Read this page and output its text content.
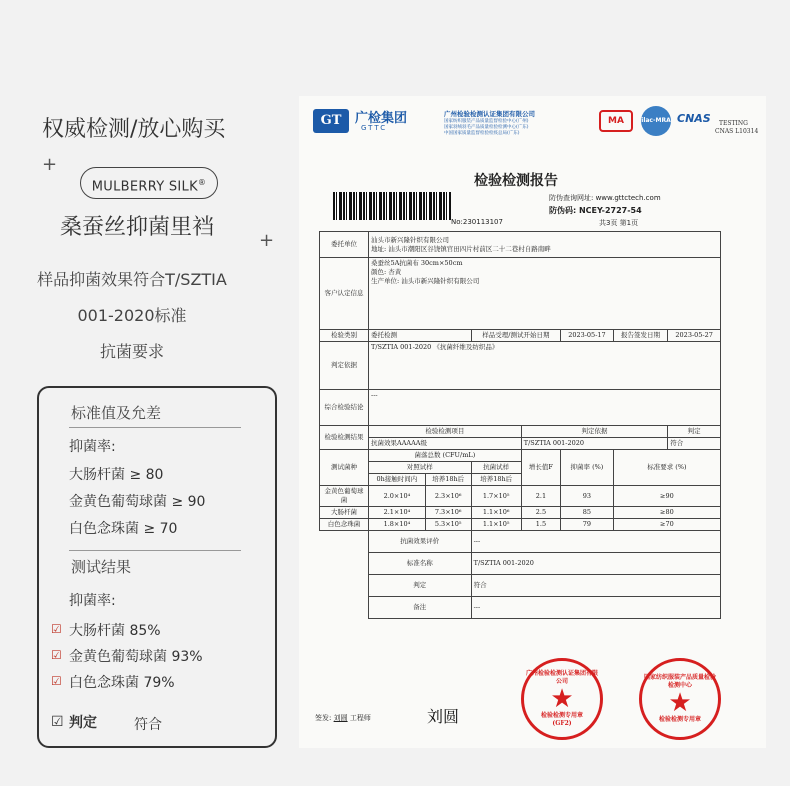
权威检测/放心购买
+
MULBERRY SILK®
桑蚕丝抑菌里裆
+
样品抑菌效果符合T/SZTIA
001-2020标准
抗菌要求
标准值及允差
抑菌率:
大肠杆菌 ≥ 80
金黄色葡萄球菌 ≥ 90
白色念珠菌 ≥ 70
测试结果
抑菌率:
☑ 大肠杆菌 85%
☑ 金黄色葡萄球菌 93%
☑ 白色念珠菌 79%
☑ 判定	符合
GT	广检集团
GTTC
广州检验检测认证集团有限公司
国家纺织服装产品质量监督检验中心(广州)
国家羽绒羽毛产品质量检验检测中心(广东)
中国国家质量监督检验检疫总局(广东)
MA	ilac-MRA CNAS TESTING
CNAS L10314
检验检测报告
防伪查询网址: www.gttctech.com
防伪码: NCEY-2727-54
No:230113107	共3页 第1页
委托单位	汕头市新兴隆针织有限公司
地址: 汕头市潮阳区谷饶镇官田四片村前区二十二巷村自路南畔						

客户认定信息	桑蚕丝5A抗菌布 30cm×50cm
颜色: 杏黄
生产单位: 汕头市新兴隆针织有限公司						

检验类别	委托检测		样品受理/测试开始日期		2023-05-17	报告签发日期	2023-05-27
判定依据	T/SZTIA 001-2020 《抗菌纤维及纺织品》						
综合检验结论	---						
检验检测结果	检验检测项目			判定依据			判定
	抗菌效果AAAAA级			T/SZTIA 001-2020			符合
测试菌种	菌落总数 (CFU/mL)			增长值F	抑菌率 (%)	标准要求 (%)	
	对照试样		抗菌试样				
	0h接触时间内	培养18h后	培养18h后				
金黄色葡萄球菌	2.0×10⁴	2.3×10⁶	1.7×10⁵	2.1	93	≥90	
大肠杆菌	2.1×10⁴	7.3×10⁶	1.1×10⁶	2.5	85	≥80	
白色念珠菌	1.8×10⁴	5.3×10⁵	1.1×10⁵	1.5	79	≥70	
	抗菌效果评价		---				
	标准名称		T/SZTIA 001-2020				
	判定		符合				
	备注		---				
广州检验检测认证集团有限公司
★
检验检测专用章
(GF2)
国家纺织服装产品质量检验检测中心
★
检验检测专用章
签发: 刘圆 工程师	刘圆
